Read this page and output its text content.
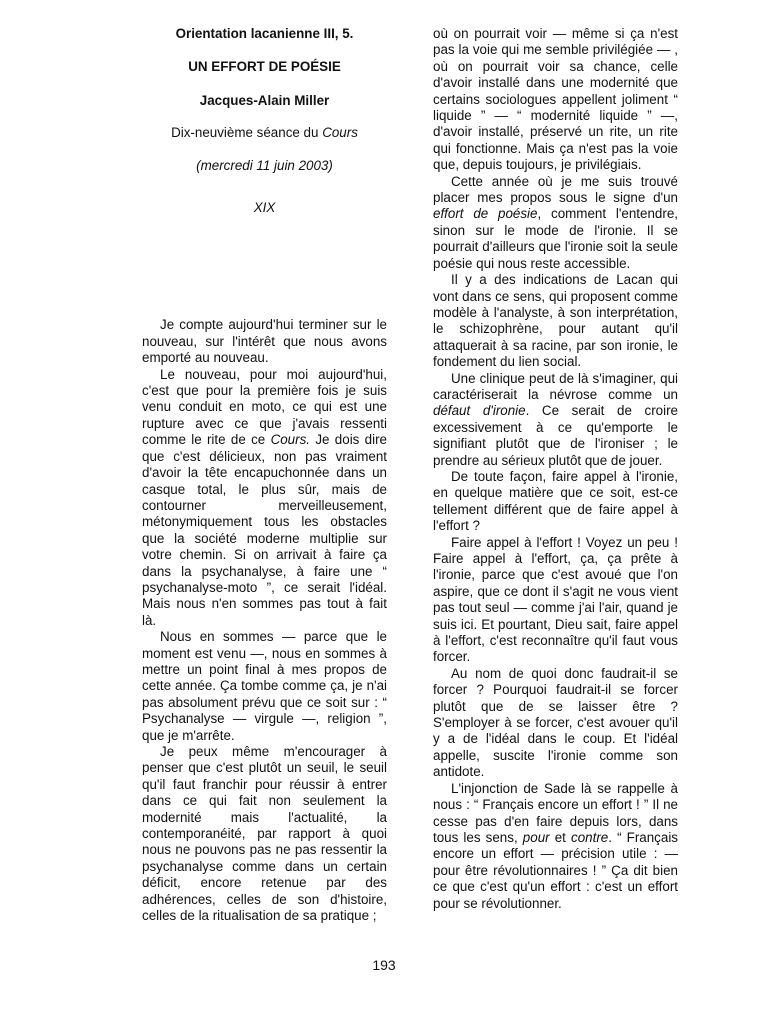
Orientation lacanienne III, 5.

UN EFFORT DE POÉSIE

Jacques-Alain Miller

Dix-neuvième séance du Cours

(mercredi 11 juin 2003)

XIX

Je compte aujourd'hui terminer sur le nouveau, sur l'intérêt que nous avons emporté au nouveau.

Le nouveau, pour moi aujourd'hui, c'est que pour la première fois je suis venu conduit en moto, ce qui est une rupture avec ce que j'avais ressenti comme le rite de ce Cours. Je dois dire que c'est délicieux, non pas vraiment d'avoir la tête encapuchonnée dans un casque total, le plus sûr, mais de contourner merveilleusement, métonymiquement tous les obstacles que la société moderne multiplie sur votre chemin. Si on arrivait à faire ça dans la psychanalyse, à faire une “ psychanalyse-moto ”, ce serait l'idéal. Mais nous n'en sommes pas tout à fait là.

Nous en sommes — parce que le moment est venu —, nous en sommes à mettre un point final à mes propos de cette année. Ça tombe comme ça, je n'ai pas absolument prévu que ce soit sur : “ Psychanalyse — virgule —, religion ”, que je m'arrête.

Je peux même m'encourager à penser que c'est plutôt un seuil, le seuil qu'il faut franchir pour réussir à entrer dans ce qui fait non seulement la modernité mais l'actualité, la contemporanéité, par rapport à quoi nous ne pouvons pas ne pas ressentir la psychanalyse comme dans un certain déficit, encore retenue par des adhérences, celles de son d'histoire, celles de la ritualisation de sa pratique ;

où on pourrait voir — même si ça n'est pas la voie qui me semble privilégiée — , où on pourrait voir sa chance, celle d'avoir installé dans une modernité que certains sociologues appellent joliment “ liquide ” — “ modernité liquide ” —, d'avoir installé, préservé un rite, un rite qui fonctionne. Mais ça n'est pas la voie que, depuis toujours, je privilégiais.

Cette année où je me suis trouvé placer mes propos sous le signe d'un effort de poésie, comment l'entendre, sinon sur le mode de l'ironie. Il se pourrait d'ailleurs que l'ironie soit la seule poésie qui nous reste accessible.

Il y a des indications de Lacan qui vont dans ce sens, qui proposent comme modèle à l'analyste, à son interprétation, le schizophrène, pour autant qu'il attaquerait à sa racine, par son ironie, le fondement du lien social.

Une clinique peut de là s'imaginer, qui caractériserait la névrose comme un défaut d'ironie. Ce serait de croire excessivement à ce qu'emporte le signifiant plutôt que de l'ironiser ; le prendre au sérieux plutôt que de jouer.

De toute façon, faire appel à l'ironie, en quelque matière que ce soit, est-ce tellement différent que de faire appel à l'effort ?

Faire appel à l'effort ! Voyez un peu ! Faire appel à l'effort, ça, ça prête à l'ironie, parce que c'est avoué que l'on aspire, que ce dont il s'agit ne vous vient pas tout seul — comme j'ai l'air, quand je suis ici. Et pourtant, Dieu sait, faire appel à l'effort, c'est reconnaître qu'il faut vous forcer.

Au nom de quoi donc faudrait-il se forcer ? Pourquoi faudrait-il se forcer plutôt que de se laisser être ? S'employer à se forcer, c'est avouer qu'il y a de l'idéal dans le coup. Et l'idéal appelle, suscite l'ironie comme son antidote.

L'injonction de Sade là se rappelle à nous : “ Français encore un effort ! ” Il ne cesse pas d'en faire depuis lors, dans tous les sens, pour et contre. “ Français encore un effort — précision utile : — pour être révolutionnaires ! ” Ça dit bien ce que c'est qu'un effort : c'est un effort pour se révolutionner.

193
